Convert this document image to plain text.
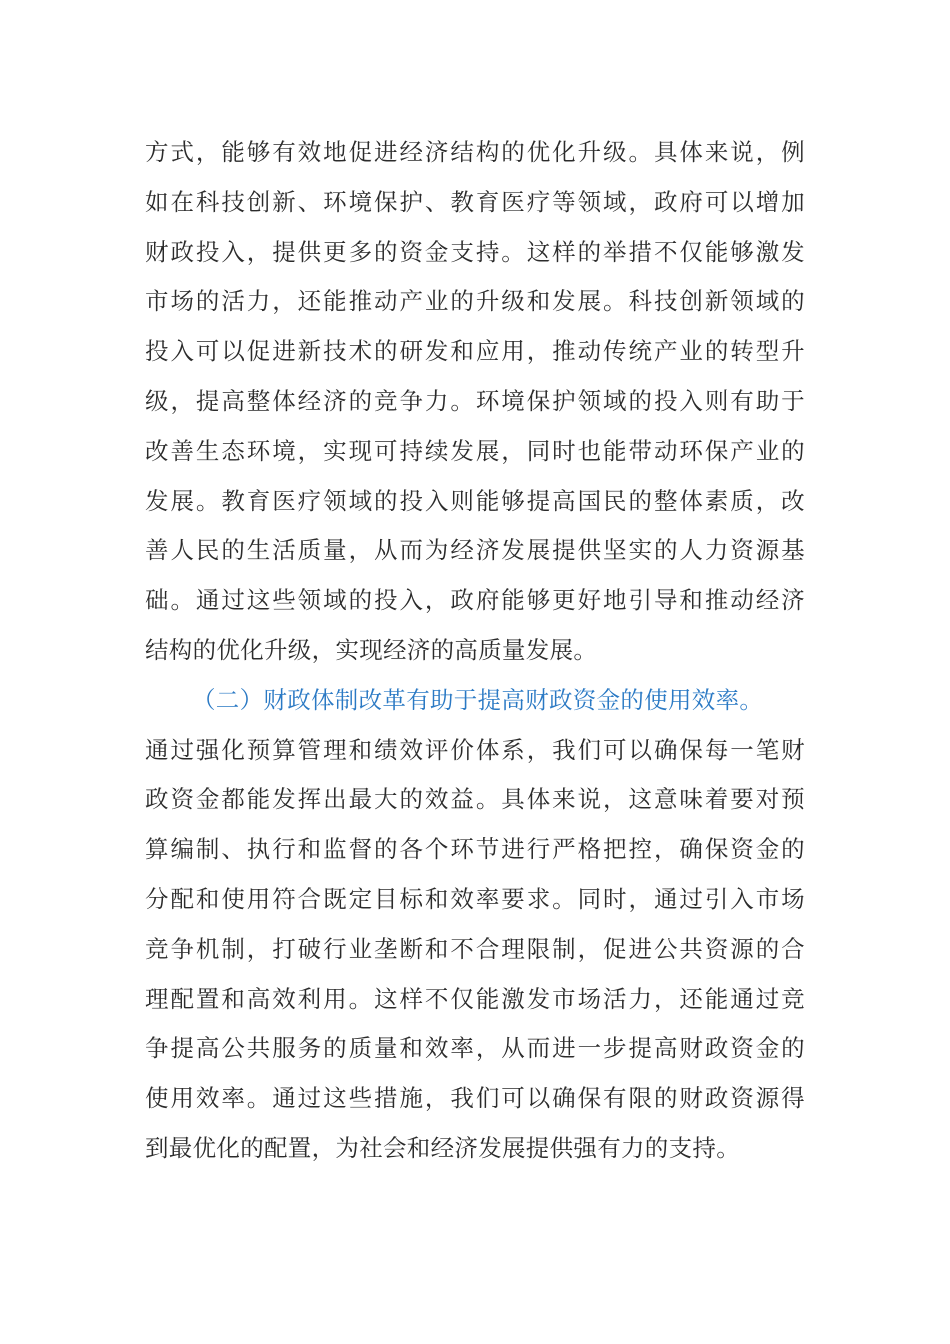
方式，能够有效地促进经济结构的优化升级。具体来说，例
如在科技创新、环境保护、教育医疗等领域，政府可以增加
财政投入，提供更多的资金支持。这样的举措不仅能够激发
市场的活力，还能推动产业的升级和发展。科技创新领域的
投入可以促进新技术的研发和应用，推动传统产业的转型升
级，提高整体经济的竞争力。环境保护领域的投入则有助于
改善生态环境，实现可持续发展，同时也能带动环保产业的
发展。教育医疗领域的投入则能够提高国民的整体素质，改
善人民的生活质量，从而为经济发展提供坚实的人力资源基
础。通过这些领域的投入，政府能够更好地引导和推动经济
结构的优化升级，实现经济的高质量发展。
（二）财政体制改革有助于提高财政资金的使用效率。
通过强化预算管理和绩效评价体系，我们可以确保每一笔财
政资金都能发挥出最大的效益。具体来说，这意味着要对预
算编制、执行和监督的各个环节进行严格把控，确保资金的
分配和使用符合既定目标和效率要求。同时，通过引入市场
竞争机制，打破行业垄断和不合理限制，促进公共资源的合
理配置和高效利用。这样不仅能激发市场活力，还能通过竞
争提高公共服务的质量和效率，从而进一步提高财政资金的
使用效率。通过这些措施，我们可以确保有限的财政资源得
到最优化的配置，为社会和经济发展提供强有力的支持。
